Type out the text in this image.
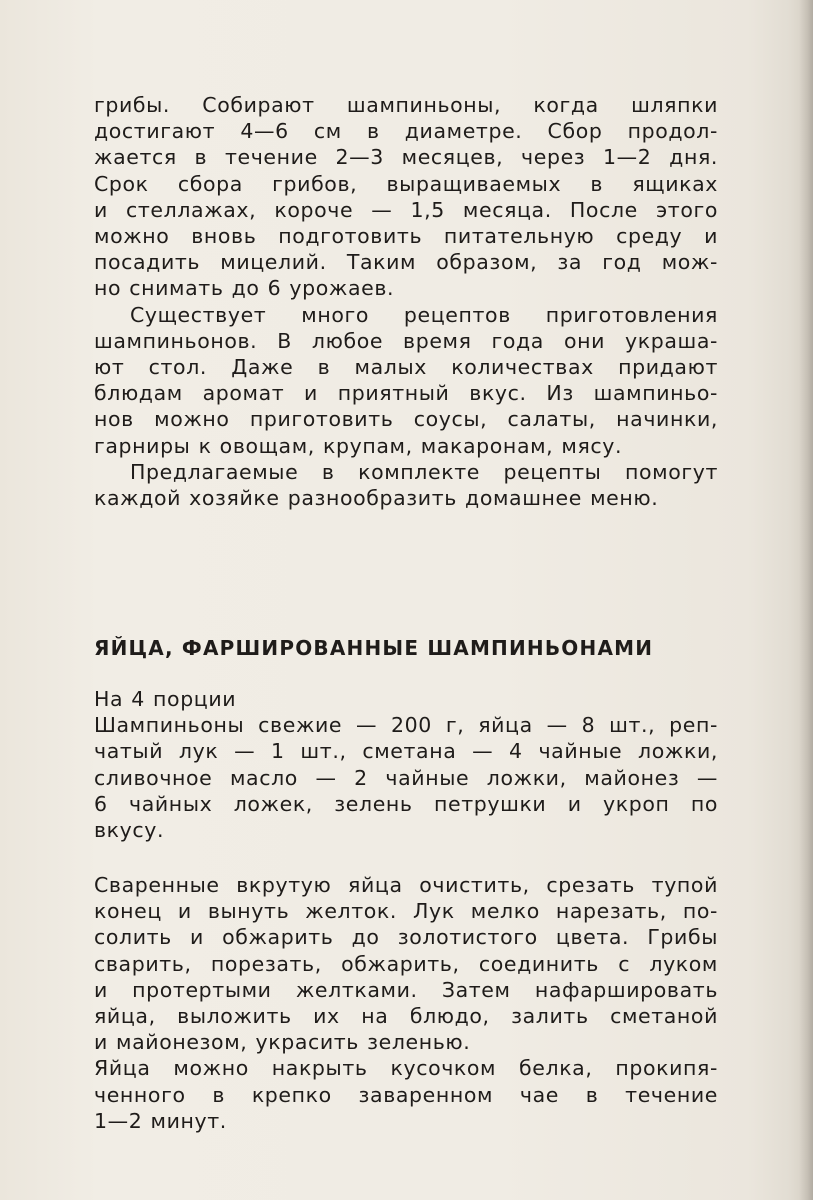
грибы. Собирают шампиньоны, когда шляпки
достигают 4—6 см в диаметре. Сбор продол-
жается в течение 2—3 месяцев, через 1—2 дня.
Срок сбора грибов, выращиваемых в ящиках
и стеллажах, короче — 1,5 месяца. После этого
можно вновь подготовить питательную среду и
посадить мицелий. Таким образом, за год мож-
но снимать до 6 урожаев.
Существует много рецептов приготовления
шампиньонов. В любое время года они украша-
ют стол. Даже в малых количествах придают
блюдам аромат и приятный вкус. Из шампиньо-
нов можно приготовить соусы, салаты, начинки,
гарниры к овощам, крупам, макаронам, мясу.
Предлагаемые в комплекте рецепты помогут
каждой хозяйке разнообразить домашнее меню.
ЯЙЦА, ФАРШИРОВАННЫЕ ШАМПИНЬОНАМИ
На 4 порции
Шампиньоны свежие — 200 г, яйца — 8 шт., реп-
чатый лук — 1 шт., сметана — 4 чайные ложки,
сливочное масло — 2 чайные ложки, майонез —
6 чайных ложек, зелень петрушки и укроп по
вкусу.
Сваренные вкрутую яйца очистить, срезать тупой
конец и вынуть желток. Лук мелко нарезать, по-
солить и обжарить до золотистого цвета. Грибы
сварить, порезать, обжарить, соединить с луком
и протертыми желтками. Затем нафаршировать
яйца, выложить их на блюдо, залить сметаной
и майонезом, украсить зеленью.
Яйца можно накрыть кусочком белка, прокипя-
ченного в крепко заваренном чае в течение
1—2 минут.
